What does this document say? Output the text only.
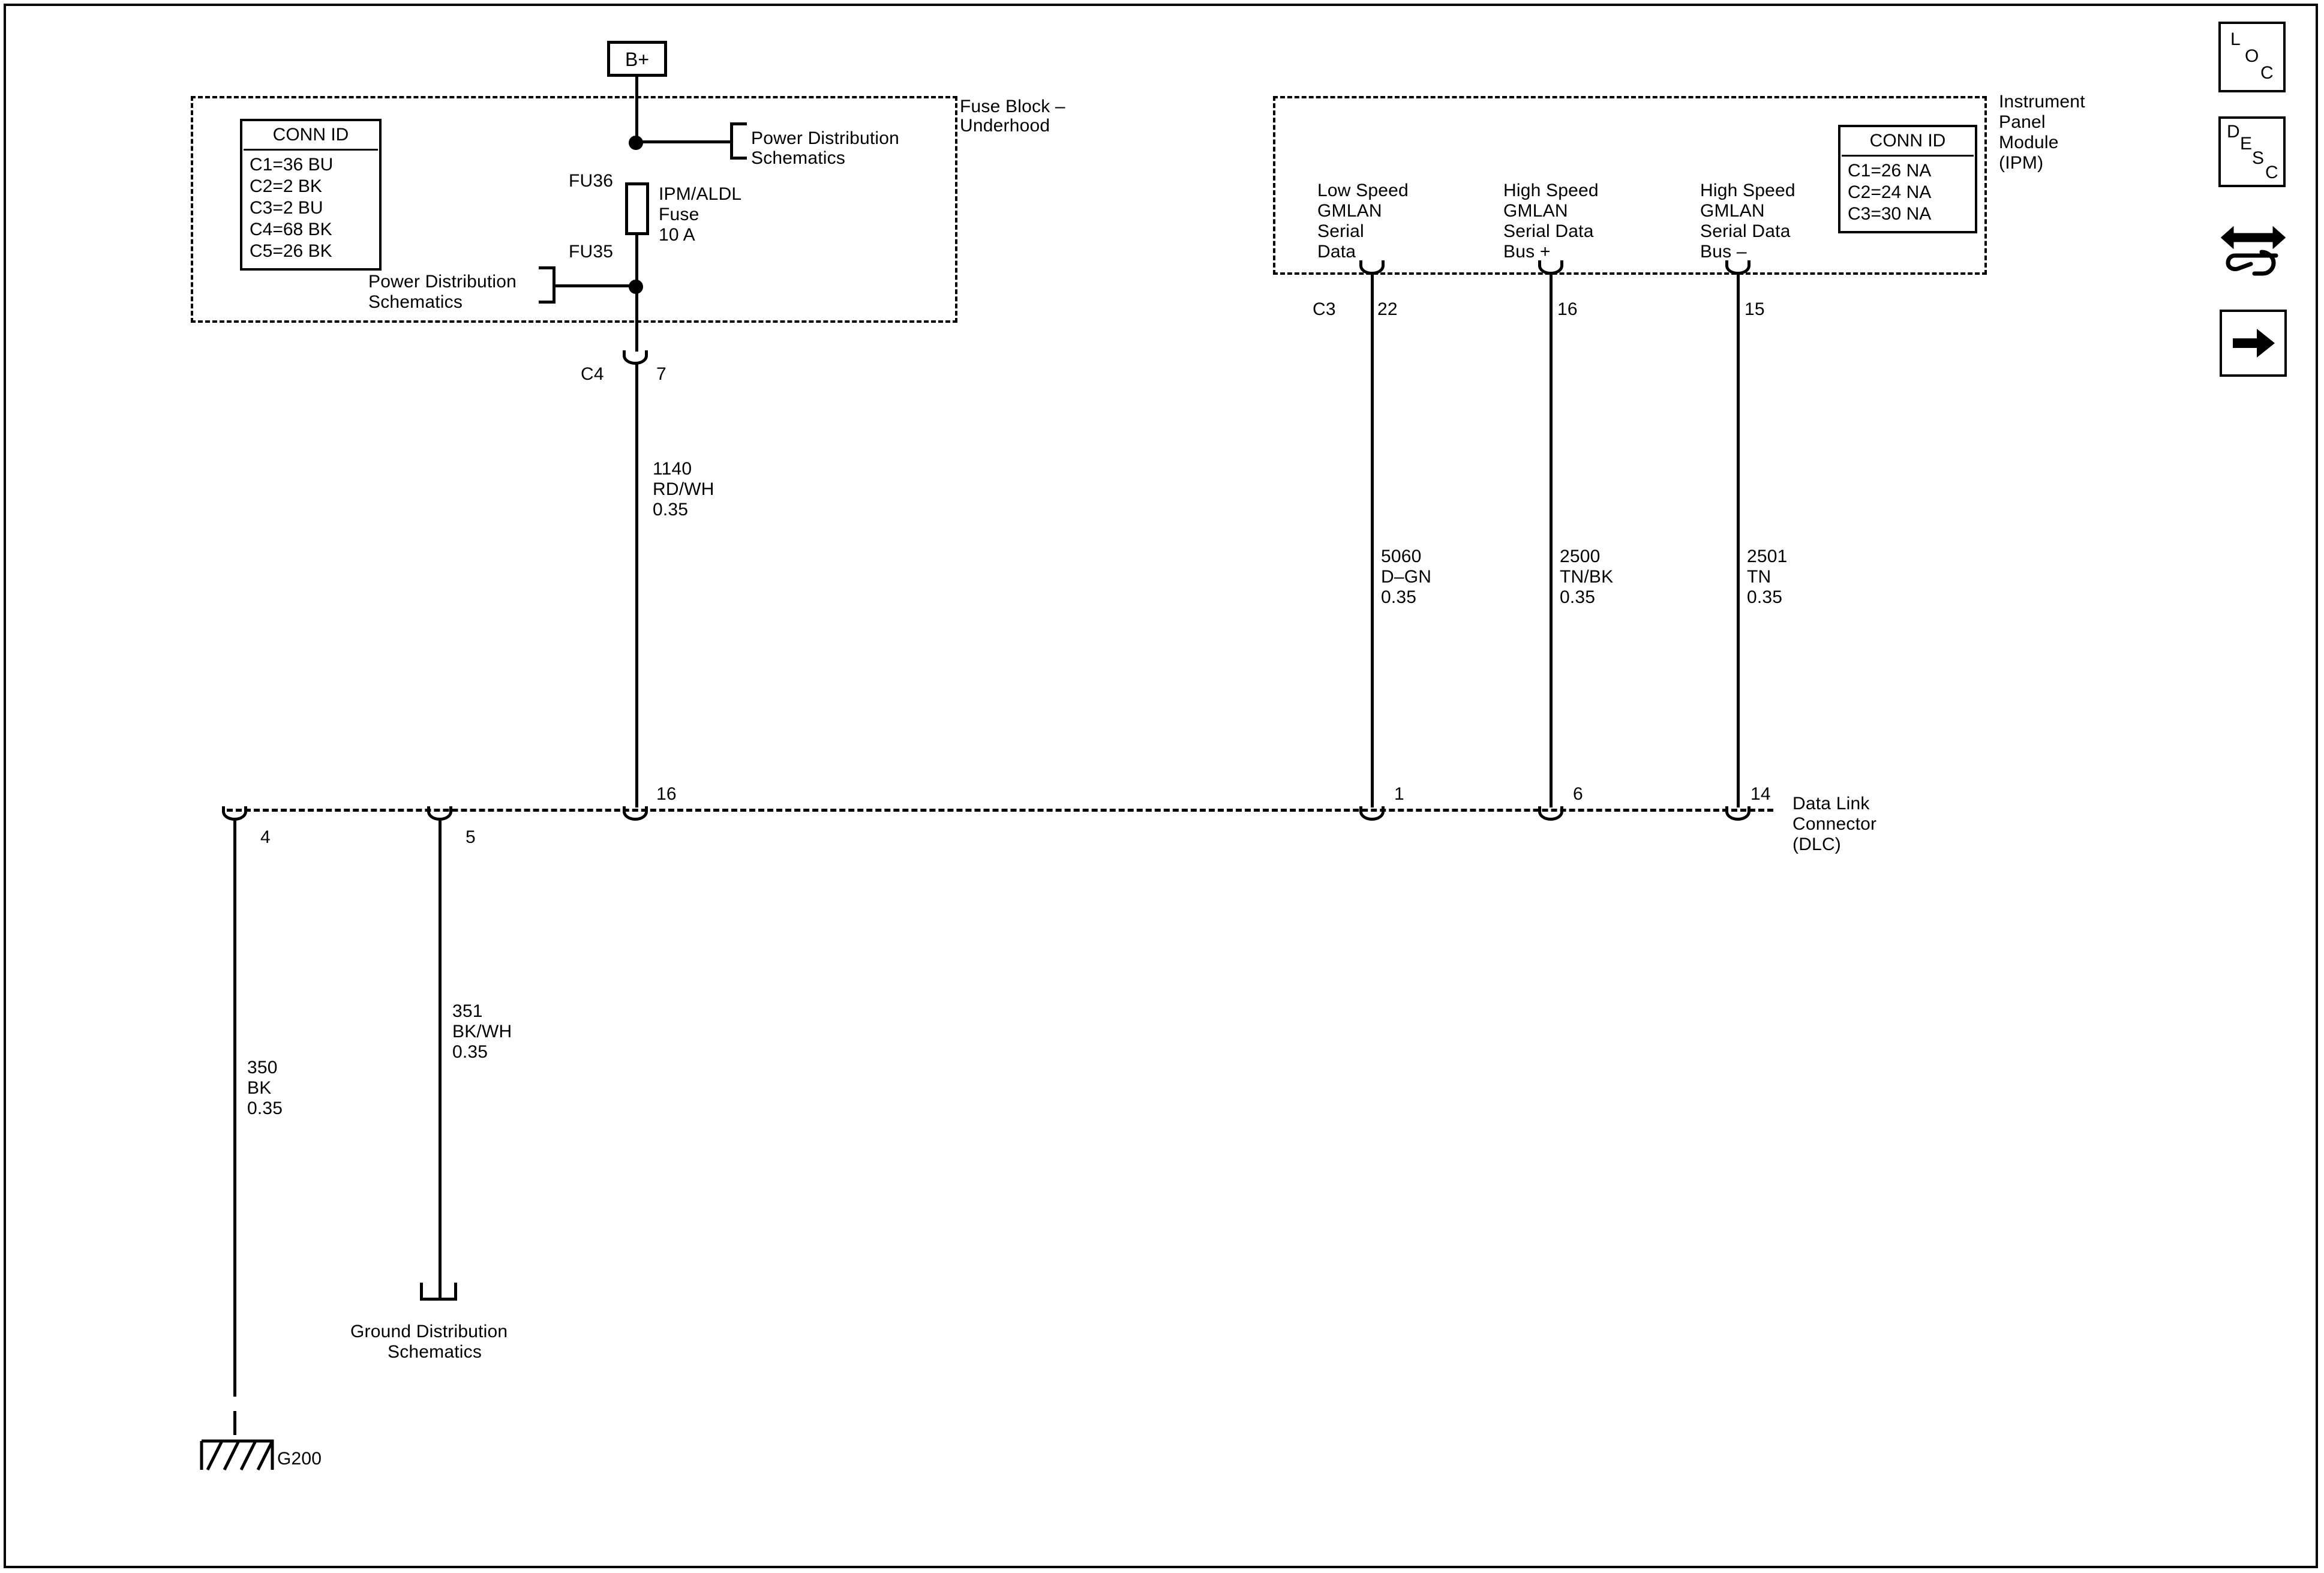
B+
Fuse Block –
Underhood
CONN ID
C1=36 BU
C2=2 BK
C3=2 BU
C4=68 BK
C5=26 BK
Power Distribution
Schematics
FU36
IPM/ALDL
Fuse
10 A
FU35
Power Distribution
Schematics
C4	7
1140
RD/WH
0.35
Instrument
Panel
Module
(IPM)
CONN ID
C1=26 NA
C2=24 NA
C3=30 NA
Low Speed
GMLAN
Serial
Data
High Speed
GMLAN
Serial Data
Bus +
High Speed
GMLAN
Serial Data
Bus –
C3 22	16	15
5060
D–GN
0.35
2500
TN/BK
0.35
2501
TN
0.35
Data Link
Connector
(DLC)
4	5
16	1	6	14
350
BK
0.35
G200
351
BK/WH
0.35
Ground Distribution
Schematics
L
O
C
D
E
S
C
